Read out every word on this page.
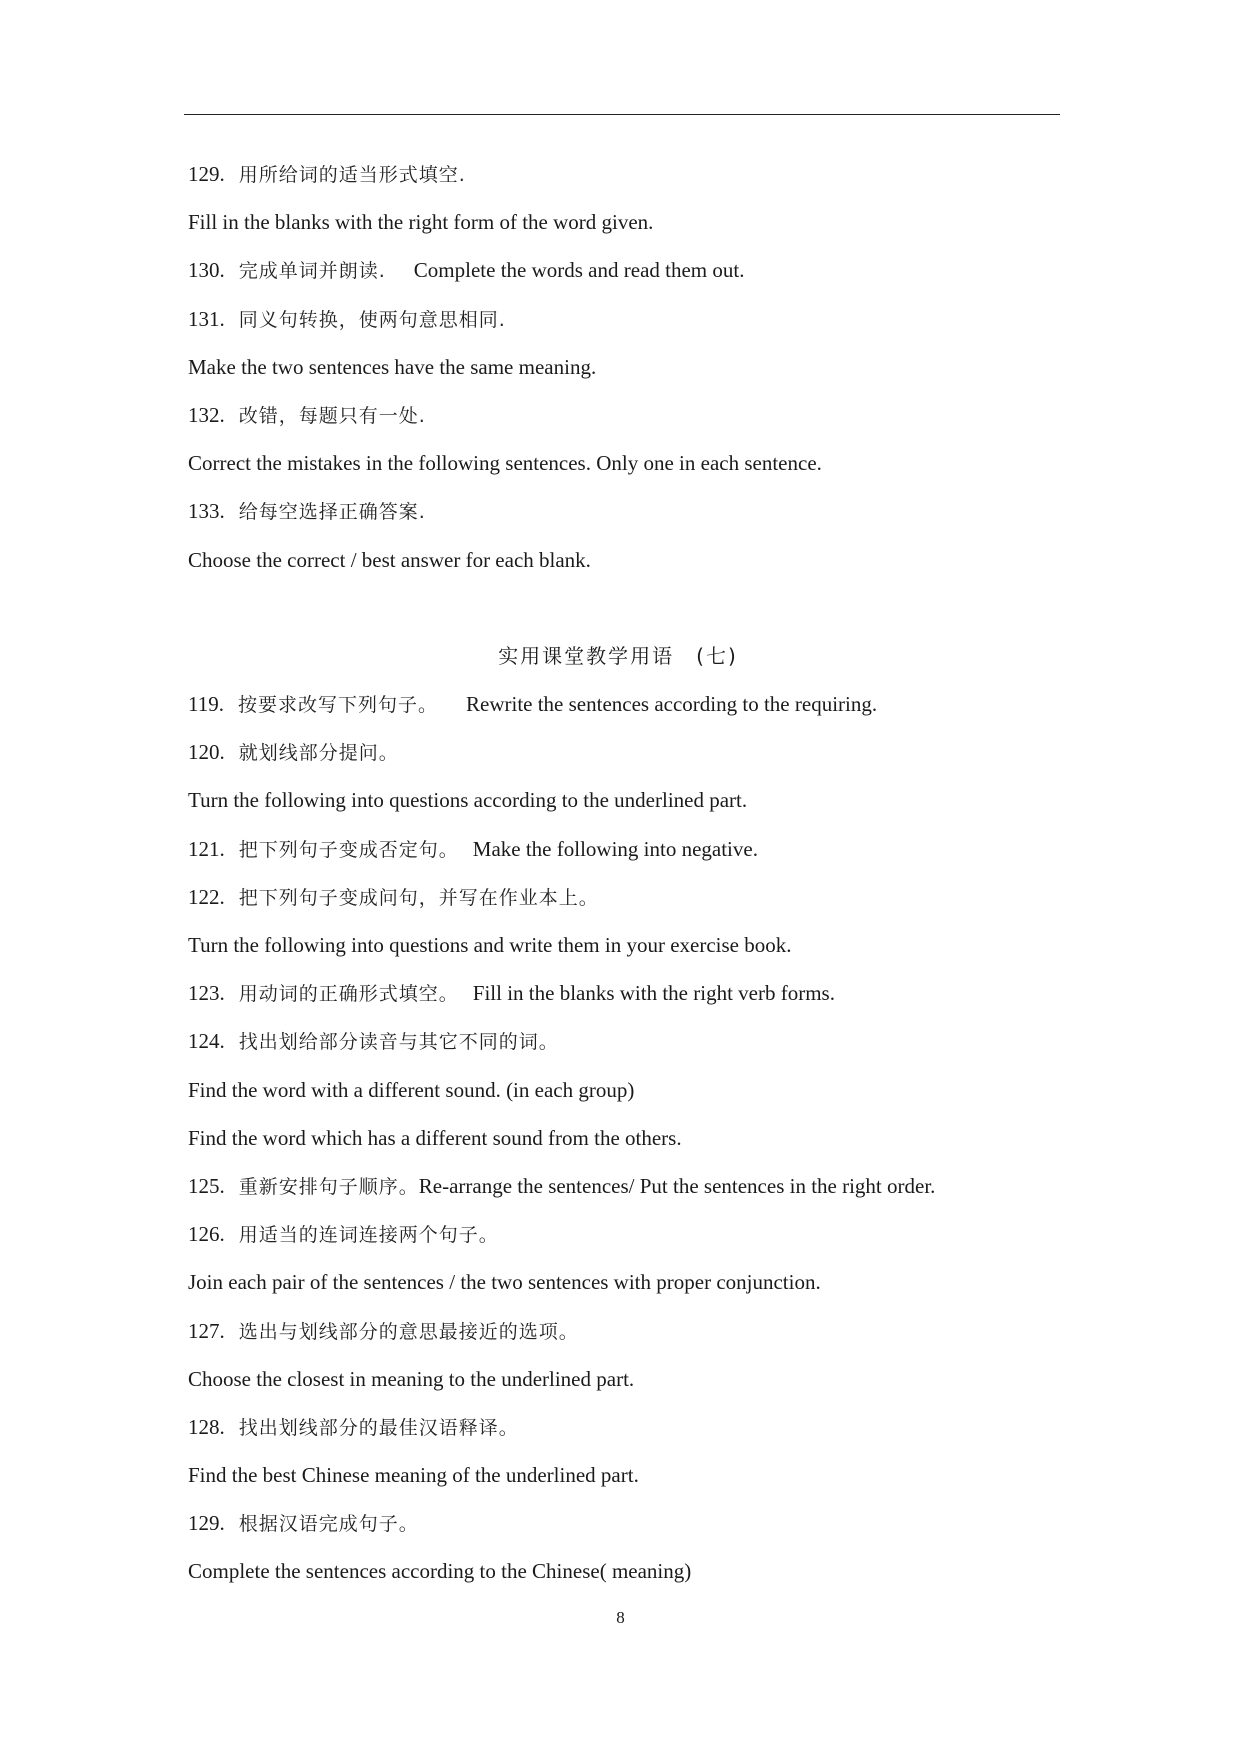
129. 用所给词的适当形式填空.
Fill in the blanks with the right form of the word given.
130. 完成单词并朗读. Complete the words and read them out.
131. 同义句转换，使两句意思相同.
Make the two sentences have the same meaning.
132. 改错，每题只有一处.
Correct the mistakes in the following sentences. Only one in each sentence.
133. 给每空选择正确答案.
Choose the correct / best answer for each blank.
实用课堂教学用语　(七)
119. 按要求改写下列句子。 Rewrite the sentences according to the requiring.
120. 就划线部分提问。
Turn the following into questions according to the underlined part.
121. 把下列句子变成否定句。 Make the following into negative.
122. 把下列句子变成问句，并写在作业本上。
Turn the following into questions and write them in your exercise book.
123. 用动词的正确形式填空。 Fill in the blanks with the right verb forms.
124. 找出划给部分读音与其它不同的词。
Find the word with a different sound. (in each group)
Find the word which has a different sound from the others.
125. 重新安排句子顺序。Re-arrange the sentences/ Put the sentences in the right order.
126. 用适当的连词连接两个句子。
Join each pair of the sentences / the two sentences with proper conjunction.
127. 选出与划线部分的意思最接近的选项。
Choose the closest in meaning to the underlined part.
128. 找出划线部分的最佳汉语释译。
Find the best Chinese meaning of the underlined part.
129. 根据汉语完成句子。
Complete the sentences according to the Chinese( meaning)
8
